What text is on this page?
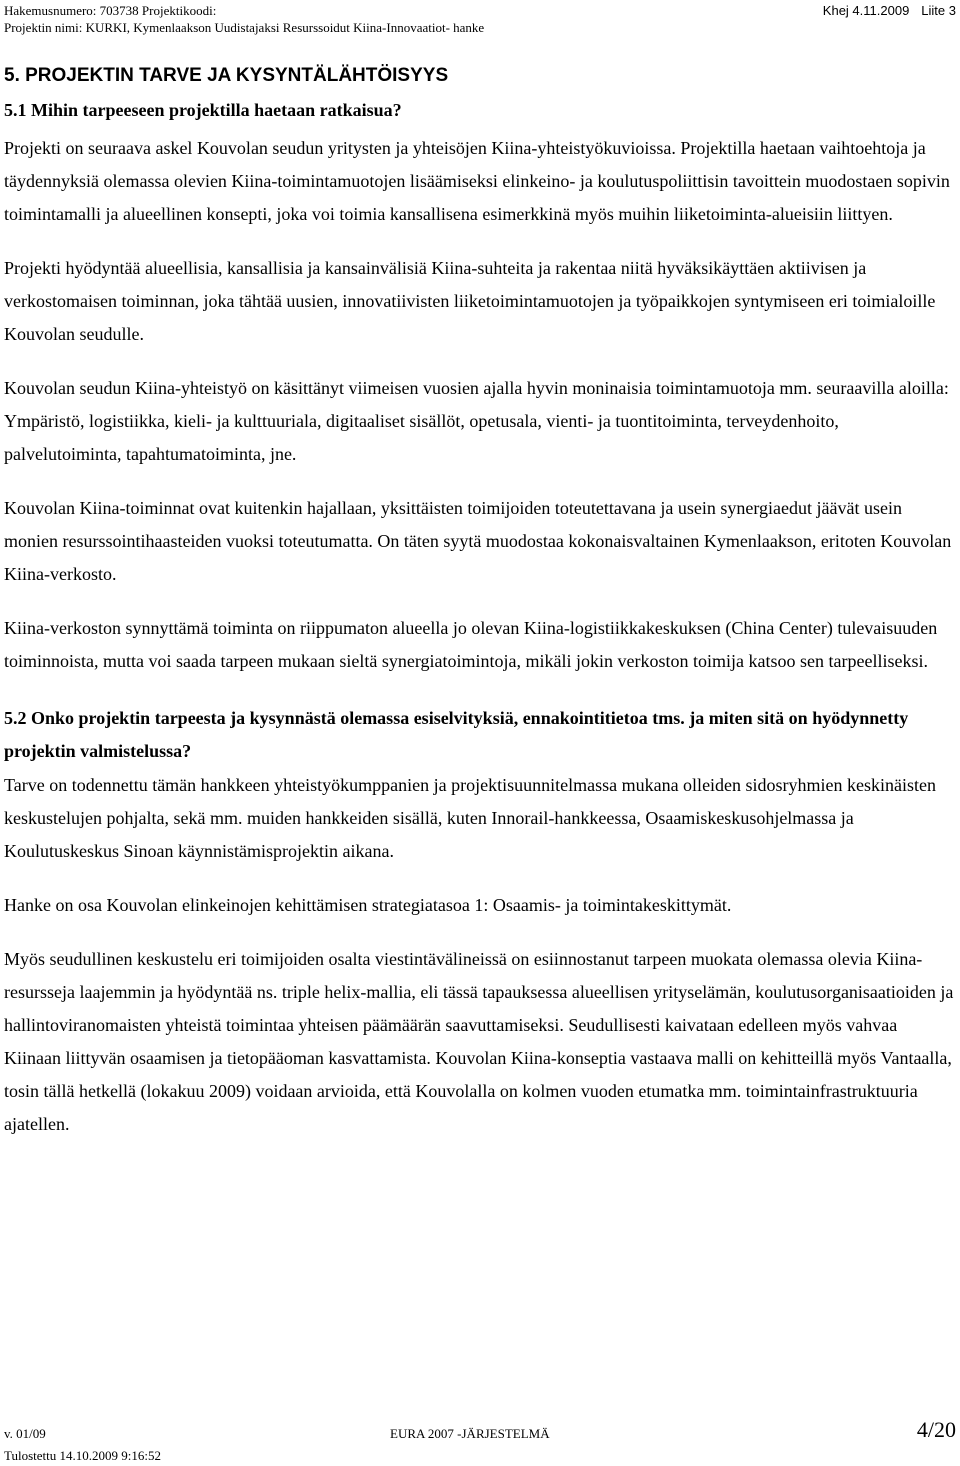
Hakemusnumero: 703738 Projektikoodi:
Projektin nimi: KURKI, Kymenlaakson Uudistajaksi Resurssoidut Kiina-Innovaatiot- hanke
Khej 4.11.2009 Liite 3
5. PROJEKTIN TARVE JA KYSYNTÄLÄHTÖISYYS
5.1 Mihin tarpeeseen projektilla haetaan ratkaisua?

Projekti on seuraava askel Kouvolan seudun yritysten ja yhteisöjen Kiina-yhteistyökuvioissa. Projektilla haetaan vaihtoehtoja ja täydennyksiä olemassa olevien Kiina-toimintamuotojen lisäämiseksi elinkeino- ja koulutuspoliittisin tavoittein muodostaen sopivin toimintamalli ja alueellinen konsepti, joka voi toimia kansallisena esimerkkinä myös muihin liiketoiminta-alueisiin liittyen.

Projekti hyödyntää alueellisia, kansallisia ja kansainvälisiä Kiina-suhteita ja rakentaa niitä hyväksikäyttäen aktiivisen ja verkostomaisen toiminnan, joka tähtää uusien, innovatiivisten liiketoimintamuotojen ja työpaikkojen syntymiseen eri toimialoille Kouvolan seudulle.

Kouvolan seudun Kiina-yhteistyö on käsittänyt viimeisen vuosien ajalla hyvin moninaisia toimintamuotoja mm. seuraavilla aloilla: Ympäristö, logistiikka, kieli- ja kulttuuriala, digitaaliset sisällöt, opetusala, vienti- ja tuontitoiminta, terveydenhoito, palvelutoiminta, tapahtumatoiminta, jne.

Kouvolan Kiina-toiminnat ovat kuitenkin hajallaan, yksittäisten toimijoiden toteutettavana ja usein synergiaedut jäävät usein monien resurssointihaasteiden vuoksi toteutumatta. On täten syytä muodostaa kokonaisvaltainen Kymenlaakson, eritoten Kouvolan Kiina-verkosto.

Kiina-verkoston synnyttämä toiminta on riippumaton alueella jo olevan Kiina-logistiikkakeskuksen (China Center) tulevaisuuden toiminnoista, mutta voi saada tarpeen mukaan sieltä synergiatoimintoja, mikäli jokin verkoston toimija katsoo sen tarpeelliseksi.

5.2 Onko projektin tarpeesta ja kysynnästä olemassa esiselvityksiä, ennakointitietoa tms. ja miten sitä on hyödynnetty projektin valmistelussa?

Tarve on todennettu tämän hankkeen yhteistyökumppanien ja projektisuunnitelmassa mukana olleiden sidosryhmien keskinäisten keskustelujen pohjalta, sekä mm. muiden hankkeiden sisällä, kuten Innorail-hankkeessa, Osaamiskeskusohjelmassa ja Koulutuskeskus Sinoan käynnistämisprojektin aikana.

Hanke on osa Kouvolan elinkeinojen kehittämisen strategiatasoa 1: Osaamis- ja toimintakeskittymät.

Myös seudullinen keskustelu eri toimijoiden osalta viestintävälineissä on esiinnostanut tarpeen muokata olemassa olevia Kiina-resursseja laajemmin ja hyödyntää ns. triple helix-mallia, eli tässä tapauksessa alueellisen yrityselämän, koulutusorganisaatioiden ja hallintoviranomaisten yhteistä toimintaa yhteisen päämäärän saavuttamiseksi. Seudullisesti kaivataan edelleen myös vahvaa Kiinaan liittyvän osaamisen ja tietopääoman kasvattamista. Kouvolan Kiina-konseptia vastaava malli on kehitteillä myös Vantaalla, tosin tällä hetkellä (lokakuu 2009) voidaan arvioida, että Kouvolalla on kolmen vuoden etumatka mm. toimintainfrastruktuuria ajatellen.

v. 01/09	EURA 2007 -JÄRJESTELMÄ	4/20
Tulostettu 14.10.2009 9:16:52
